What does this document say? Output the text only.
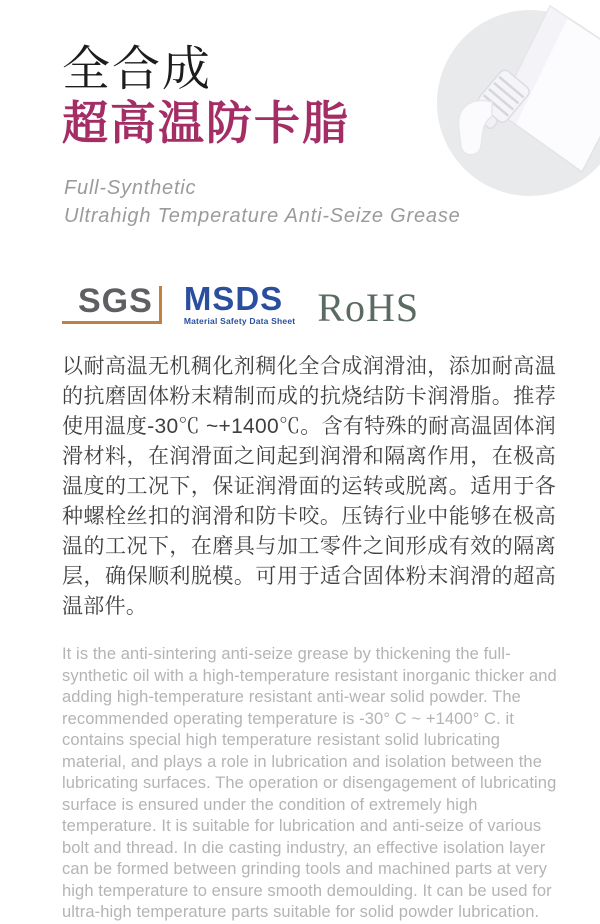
全合成
超高温防卡脂

Full-Synthetic
Ultrahigh Temperature Anti-Seize Grease

SGS MSDS
Material Safety Data Sheet RoHS

以耐高温无机稠化剂稠化全合成润滑油，添加耐高温的抗磨固体粉末精制而成的抗烧结防卡润滑脂。推荐使用温度-30℃ ~+1400℃。含有特殊的耐高温固体润滑材料，在润滑面之间起到润滑和隔离作用，在极高温度的工况下，保证润滑面的运转或脱离。适用于各种螺栓丝扣的润滑和防卡咬。压铸行业中能够在极高温的工况下，在磨具与加工零件之间形成有效的隔离层，确保顺利脱模。可用于适合固体粉末润滑的超高温部件。

It is the anti-sintering anti-seize grease by thickening the full-synthetic oil with a high-temperature resistant inorganic thicker and adding high-temperature resistant anti-wear solid powder. The recommended operating temperature is -30° C ~ +1400° C. it contains special high temperature resistant solid lubricating material, and plays a role in lubrication and isolation between the lubricating surfaces. The operation or disengagement of lubricating surface is ensured under the condition of extremely high temperature. It is suitable for lubrication and anti-seize of various bolt and thread. In die casting industry, an effective isolation layer can be formed between grinding tools and machined parts at very high temperature to ensure smooth demoulding. It can be used for ultra-high temperature parts suitable for solid powder lubrication.
